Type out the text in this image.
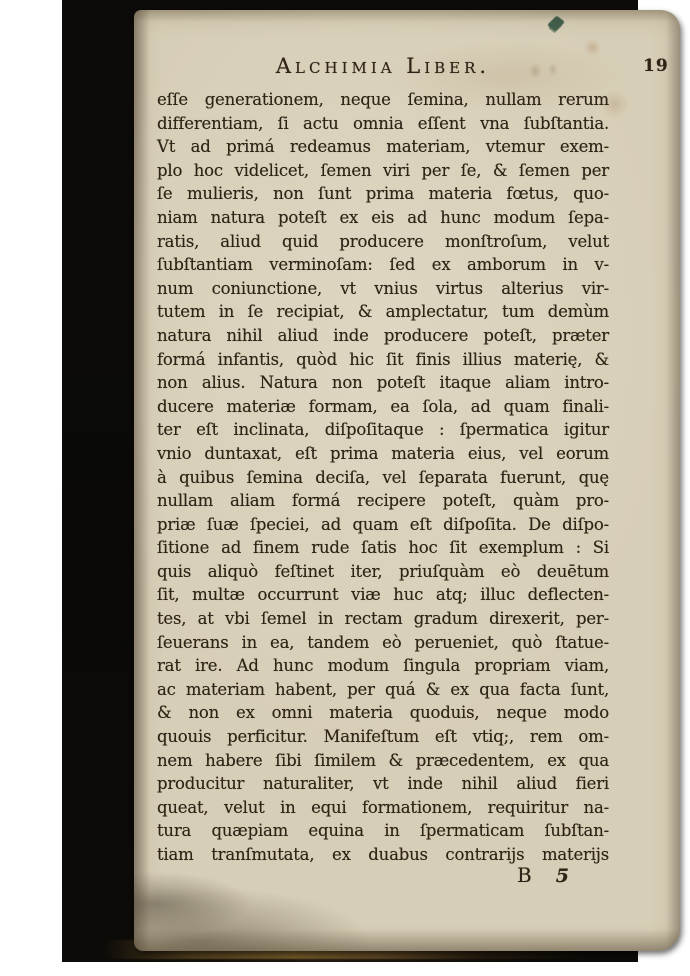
Alchimia Liber.	19
eſſe generationem, neque ſemina, nullam rerum
differentiam, ſi actu omnia eſſent vna ſubſtantia.
Vt ad primá redeamus materiam, vtemur exem-
plo hoc videlicet, ſemen viri per ſe, & ſemen per
ſe mulieris, non ſunt prima materia fœtus, quo-
niam natura poteſt ex eis ad hunc modum ſepa-
ratis, aliud quid producere monſtroſum, velut
ſubſtantiam verminoſam: ſed ex amborum in v-
num coniunctione, vt vnius virtus alterius vir-
tutem in ſe recipiat, & amplectatur, tum demùm
natura nihil aliud inde producere poteſt, præter
formá infantis, quòd hic ſit finis illius materię, &
non alius. Natura non poteſt itaque aliam intro-
ducere materiæ formam, ea ſola, ad quam finali-
ter eſt inclinata, diſpoſitaque : ſpermatica igitur
vnio duntaxat, eſt prima materia eius, vel eorum
à quibus ſemina deciſa, vel ſeparata fuerunt, quę
nullam aliam formá recipere poteſt, quàm pro-
priæ ſuæ ſpeciei, ad quam eſt diſpoſita. De diſpo-
ſitione ad finem rude ſatis hoc ſit exemplum : Si
quis aliquò feſtinet iter, priuſquàm eò deuētum
ſit, multæ occurrunt viæ huc atq; illuc deflecten-
tes, at vbi ſemel in rectam gradum direxerit, per-
ſeuerans in ea, tandem eò perueniet, quò ſtatue-
rat ire. Ad hunc modum ſingula propriam viam,
ac materiam habent, per quá & ex qua facta ſunt,
& non ex omni materia quoduis, neque modo
quouis perficitur. Manifeſtum eſt vtiq;, rem om-
nem habere ſibi ſimilem & præcedentem, ex qua
producitur naturaliter, vt inde nihil aliud fieri
queat, velut in equi formationem, requiritur na-
tura quæpiam equina in ſpermaticam ſubſtan-
tiam tranſmutata, ex duabus contrarijs materijs
B 5
